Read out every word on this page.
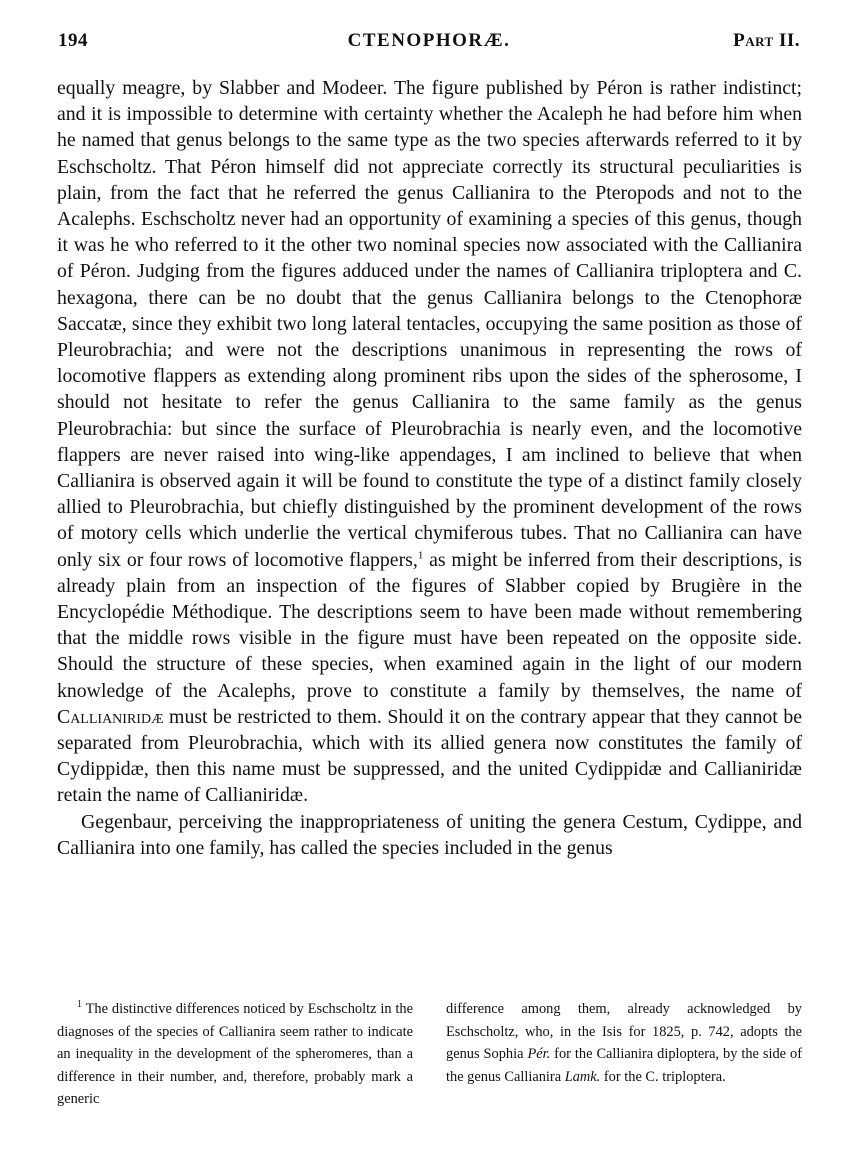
194	CTENOPHORÆ.	Part II.

equally meagre, by Slabber and Modeer. The figure published by Péron is rather indistinct; and it is impossible to determine with certainty whether the Acaleph he had before him when he named that genus belongs to the same type as the two species afterwards referred to it by Eschscholtz. That Péron himself did not appreciate correctly its structural peculiarities is plain, from the fact that he referred the genus Callianira to the Pteropods and not to the Acalephs. Eschscholtz never had an opportunity of examining a species of this genus, though it was he who referred to it the other two nominal species now associated with the Callianira of Péron. Judging from the figures adduced under the names of Callianira triploptera and C. hexagona, there can be no doubt that the genus Callianira belongs to the Ctenophoræ Saccatæ, since they exhibit two long lateral tentacles, occupying the same position as those of Pleurobrachia; and were not the descriptions unanimous in representing the rows of locomotive flappers as extending along prominent ribs upon the sides of the spherosome, I should not hesitate to refer the genus Callianira to the same family as the genus Pleurobrachia: but since the surface of Pleurobrachia is nearly even, and the locomotive flappers are never raised into wing-like appendages, I am inclined to believe that when Callianira is observed again it will be found to constitute the type of a distinct family closely allied to Pleurobrachia, but chiefly distinguished by the prominent development of the rows of motory cells which underlie the vertical chymiferous tubes. That no Callianira can have only six or four rows of locomotive flappers,$^1$ as might be inferred from their descriptions, is already plain from an inspection of the figures of Slabber copied by Brugière in the Encyclopédie Méthodique. The descriptions seem to have been made without remembering that the middle rows visible in the figure must have been repeated on the opposite side. Should the structure of these species, when examined again in the light of our modern knowledge of the Acalephs, prove to constitute a family by themselves, the name of Callianiridæ must be restricted to them. Should it on the contrary appear that they cannot be separated from Pleurobrachia, which with its allied genera now constitutes the family of Cydippidæ, then this name must be suppressed, and the united Cydippidæ and Callianiridæ retain the name of Callianiridæ.

Gegenbaur, perceiving the inappropriateness of uniting the genera Cestum, Cydippe, and Callianira into one family, has called the species included in the genus

$^1$ The distinctive differences noticed by Eschscholtz in the diagnoses of the species of Callianira seem rather to indicate an inequality in the development of the spheromeres, than a difference in their number, and, therefore, probably mark a generic

difference among them, already acknowledged by Eschscholtz, who, in the Isis for 1825, p. 742, adopts the genus Sophia Pér. for the Callianira diploptera, by the side of the genus Callianira Lamk. for the C. triploptera.
